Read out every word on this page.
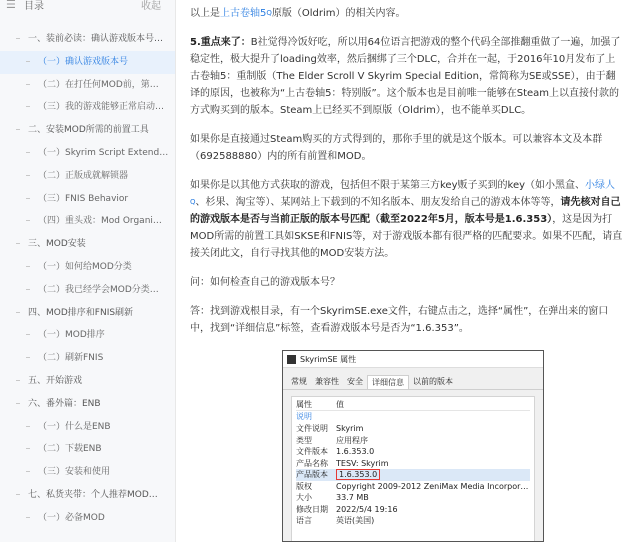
☰ 目录	收起
一、装前必读：确认游戏版本号…
（一）确认游戏版本号
（二）在打任何MOD前，第…
（三）我的游戏能够正常启动…
二、安装MOD所需的前置工具
（一）Skyrim Script Extend…
（二）正版成就解锁器
（三）FNIS Behavior
（四）重头戏：Mod Organi…
三、MOD安装
（一）如何给MOD分类
（二）我已经学会MOD分类…
四、MOD排序和FNIS刷新
（一）MOD排序
（二）刷新FNIS
五、开始游戏
六、番外篇：ENB
（一）什么是ENB
（二）下载ENB
（三）安装和使用
七、私货夹带：个人推荐MOD…
（一）必备MOD

以上是上古卷轴$5^Q$原版（Oldrim）的相关内容。

5.重点来了：B社觉得冷饭好吃，所以用64位语言把游戏的整个代码全部推翻重做了一遍，加强了稳定性，极大提升了loading效率，然后捆绑了三个DLC，合并在一起，于2016年10月发布了上古卷轴5：重制版（The Elder Scroll V Skyrim Special Edition，常简称为SE或SSE），由于翻译的原因，也被称为“上古卷轴5：特别版”。这个版本也是目前唯一能够在Steam上以直接付款的方式购买到的版本。Steam上已经买不到原版（Oldrim），也不能单买DLC。

如果你是直接通过Steam购买的方式得到的，那你手里的就是这个版本。可以兼容本文及本群（692588880）内的所有前置和MOD。

如果你是以其他方式获取的游戏，包括但不限于某第三方key贩子买到的key（如小黑盒、小绿人$^Q$、杉果、淘宝等）、某网站上下载到的不知名版本、朋友发给自己的游戏本体等等，请先核对自己的游戏版本是否与当前正版的版本号匹配（截至2022年5月，版本号是1.6.353），这是因为打MOD所需的前置工具如SKSE和FNIS等，对于游戏版本都有很严格的匹配要求。如果不匹配，请直接关闭此文，自行寻找其他的MOD安装方法。

问：如何检查自己的游戏版本号？

答：找到游戏根目录，有一个SkyrimSE.exe文件，右键点击之，选择“属性”，在弹出来的窗口中，找到“详细信息”标签，查看游戏版本号是否为“1.6.353”。

SkyrimSE 属性
常规	兼容性	安全	详细信息	以前的版本
属性	值
说明
文件说明	Skyrim
类型	应用程序
文件版本	1.6.353.0
产品名称	TESV: Skyrim
产品版本	1.6.353.0
版权	Copyright 2009-2012 ZeniMax Media Incorpor…
大小	33.7 MB
修改日期	2022/5/4 19:16
语言	英语(美国)
